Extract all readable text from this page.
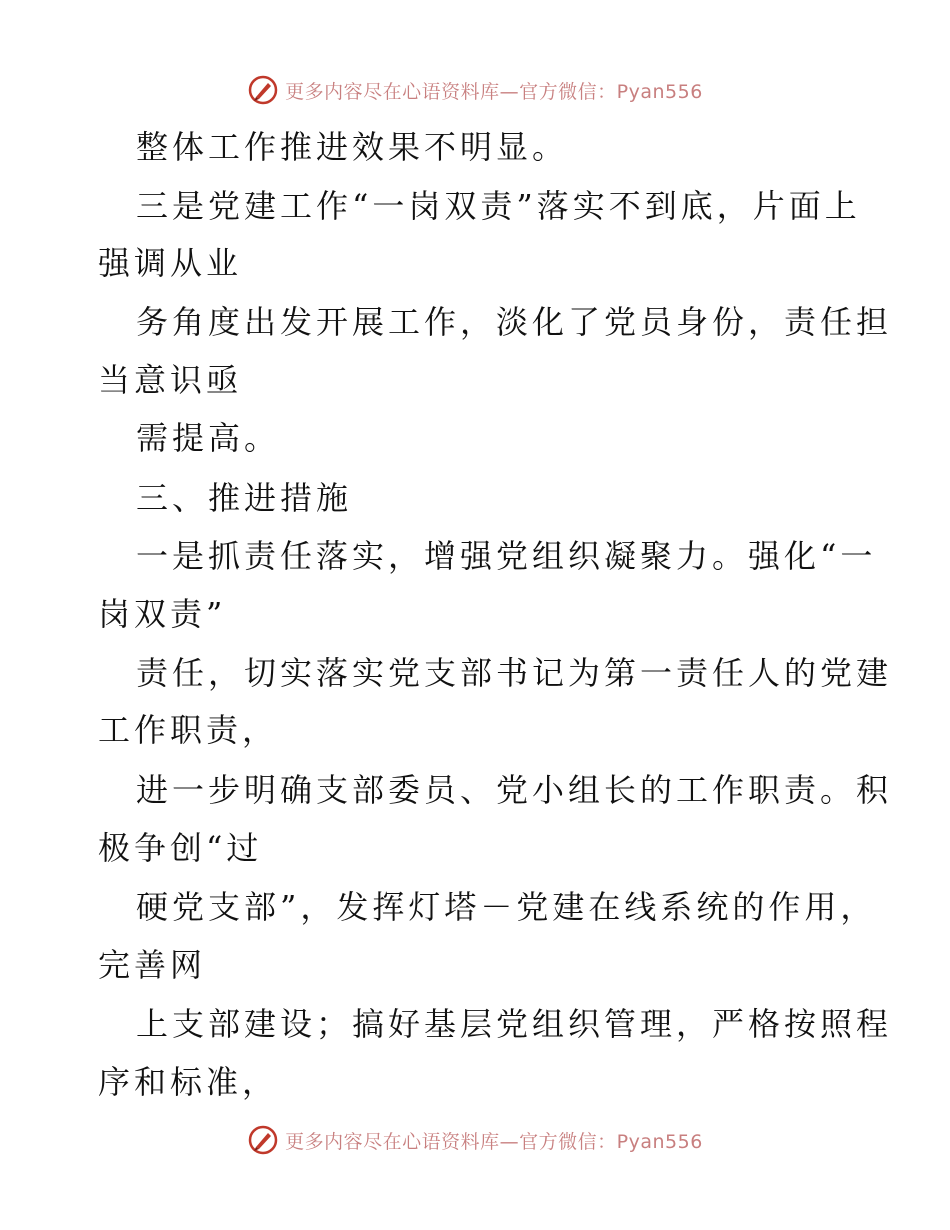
更多内容尽在心语资料库—官方微信：Pyan556
整体工作推进效果不明显。
三是党建工作“一岗双责”落实不到底，片面上
强调从业
务角度出发开展工作，淡化了党员身份，责任担
当意识亟
需提高。
三、推进措施
一是抓责任落实，增强党组织凝聚力。强化“一
岗双责”
责任，切实落实党支部书记为第一责任人的党建
工作职责，
进一步明确支部委员、党小组长的工作职责。积
极争创“过
硬党支部”，发挥灯塔－党建在线系统的作用，
完善网
上支部建设；搞好基层党组织管理，严格按照程
序和标准，
更多内容尽在心语资料库—官方微信：Pyan556
